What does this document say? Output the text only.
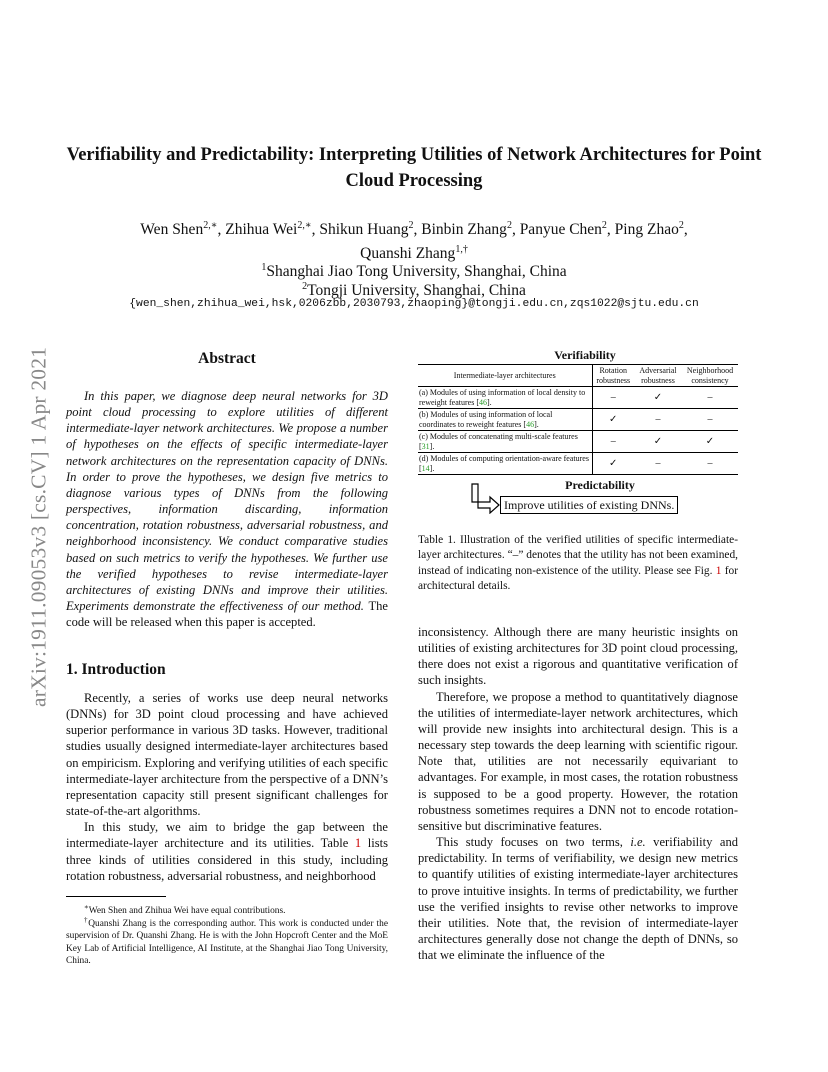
arXiv:1911.09053v3 [cs.CV] 1 Apr 2021
Verifiability and Predictability: Interpreting Utilities of Network Architectures for Point Cloud Processing
Wen Shen$^{2,∗}$, Zhihua Wei$^{2,∗}$, Shikun Huang$^2$, Binbin Zhang$^2$, Panyue Chen$^2$, Ping Zhao$^2$,
Quanshi Zhang$^{1,\dagger}$
$^1$Shanghai Jiao Tong University, Shanghai, China
$^2$Tongji University, Shanghai, China
{wen_shen,zhihua_wei,hsk,0206zbb,2030793,zhaoping}@tongji.edu.cn,zqs1022@sjtu.edu.cn
Abstract

In this paper, we diagnose deep neural networks for 3D point cloud processing to explore utilities of different intermediate-layer network architectures. We propose a number of hypotheses on the effects of specific intermediate-layer network architectures on the representation capacity of DNNs. In order to prove the hypotheses, we design five metrics to diagnose various types of DNNs from the following perspectives, information discarding, information concentration, rotation robustness, adversarial robustness, and neighborhood inconsistency. We conduct comparative studies based on such metrics to verify the hypotheses. We further use the verified hypotheses to revise intermediate-layer architectures of existing DNNs and improve their utilities. Experiments demonstrate the effectiveness of our method. The code will be released when this paper is accepted.

1. Introduction

Recently, a series of works use deep neural networks (DNNs) for 3D point cloud processing and have achieved superior performance in various 3D tasks. However, traditional studies usually designed intermediate-layer architectures based on empiricism. Exploring and verifying utilities of each specific intermediate-layer architecture from the perspective of a DNN’s representation capacity still present significant challenges for state-of-the-art algorithms.

In this study, we aim to bridge the gap between the intermediate-layer architecture and its utilities. Table 1 lists three kinds of utilities considered in this study, including rotation robustness, adversarial robustness, and neighborhood

∗Wen Shen and Zhihua Wei have equal contributions.

†Quanshi Zhang is the corresponding author. This work is conducted under the supervision of Dr. Quanshi Zhang. He is with the John Hopcroft Center and the MoE Key Lab of Artificial Intelligence, AI Institute, at the Shanghai Jiao Tong University, China.

Verifiability
Intermediate-layer architectures	Rotation robustness	Adversarial robustness	Neighborhood consistency
(a) Modules of using information of local density to reweight features [46].	–	✓	–
(b) Modules of using information of local coordinates to reweight features [46].	✓	–	–
(c) Modules of concatenating multi-scale features [31].	–	✓	✓
(d) Modules of computing orientation-aware features [14].	✓	–	–
Predictability
Improve utilities of existing DNNs.

Table 1. Illustration of the verified utilities of specific intermediate-layer architectures. “–” denotes that the utility has not been examined, instead of indicating non-existence of the utility. Please see Fig. 1 for architectural details.

inconsistency. Although there are many heuristic insights on utilities of existing architectures for 3D point cloud processing, there does not exist a rigorous and quantitative verification of such insights.

Therefore, we propose a method to quantitatively diagnose the utilities of intermediate-layer network architectures, which will provide new insights into architectural design. This is a necessary step towards the deep learning with scientific rigour. Note that, utilities are not necessarily equivariant to advantages. For example, in most cases, the rotation robustness is supposed to be a good property. However, the rotation robustness sometimes requires a DNN not to encode rotation-sensitive but discriminative features.

This study focuses on two terms, i.e. verifiability and predictability. In terms of verifiability, we design new metrics to quantify utilities of existing intermediate-layer architectures to prove intuitive insights. In terms of predictability, we further use the verified insights to revise other networks to improve their utilities. Note that, the revision of intermediate-layer architectures generally dose not change the depth of DNNs, so that we eliminate the influence of the
